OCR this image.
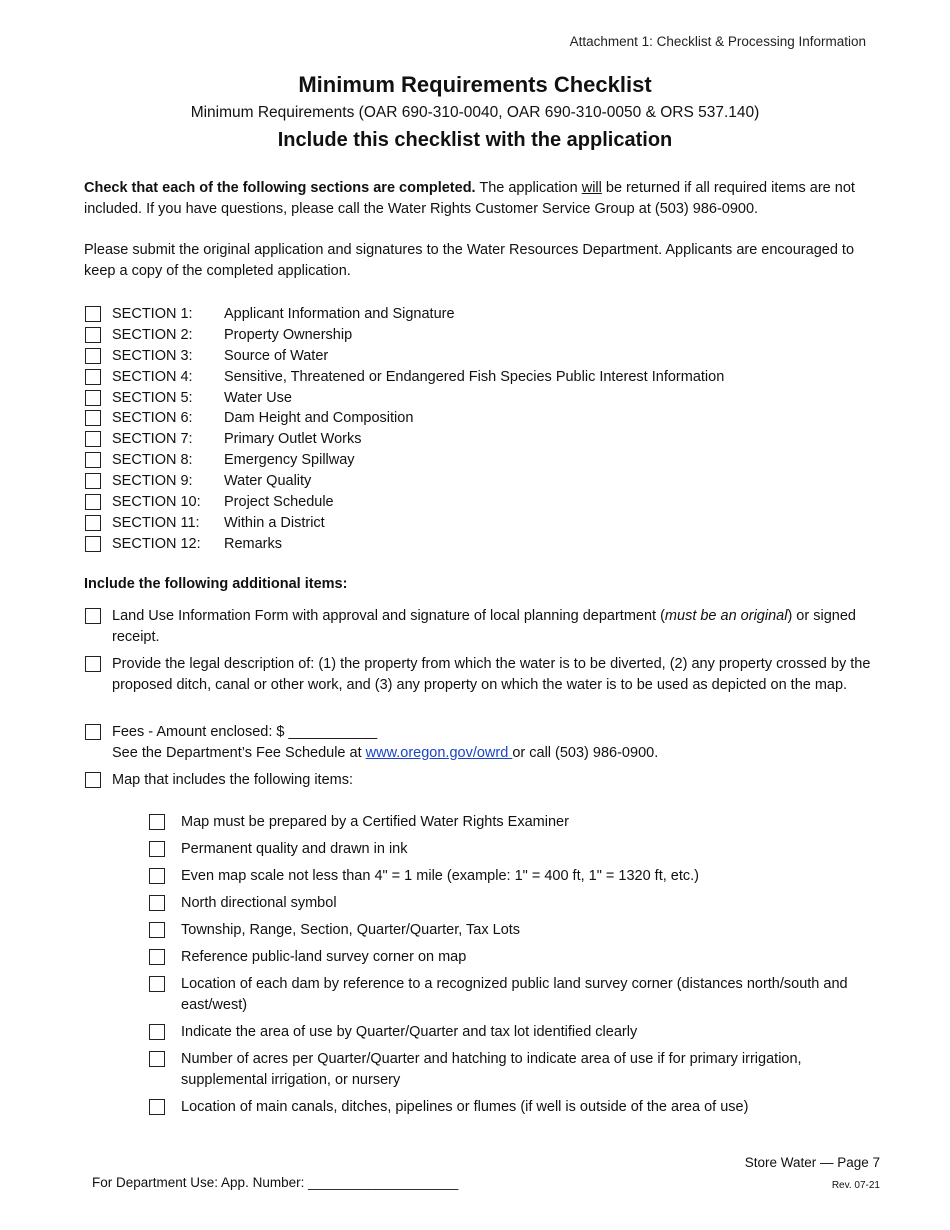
Attachment 1: Checklist & Processing Information
Minimum Requirements Checklist
Minimum Requirements (OAR 690-310-0040, OAR 690-310-0050 & ORS 537.140)
Include this checklist with the application
Check that each of the following sections are completed. The application will be returned if all required items are not included. If you have questions, please call the Water Rights Customer Service Group at (503) 986-0900.
Please submit the original application and signatures to the Water Resources Department. Applicants are encouraged to keep a copy of the completed application.
SECTION 1: Applicant Information and Signature
SECTION 2: Property Ownership
SECTION 3: Source of Water
SECTION 4: Sensitive, Threatened or Endangered Fish Species Public Interest Information
SECTION 5: Water Use
SECTION 6: Dam Height and Composition
SECTION 7: Primary Outlet Works
SECTION 8: Emergency Spillway
SECTION 9: Water Quality
SECTION 10: Project Schedule
SECTION 11: Within a District
SECTION 12: Remarks
Include the following additional items:
Land Use Information Form with approval and signature of local planning department (must be an original) or signed receipt.
Provide the legal description of: (1) the property from which the water is to be diverted, (2) any property crossed by the proposed ditch, canal or other work, and (3) any property on which the water is to be used as depicted on the map.
Fees - Amount enclosed: $ ___________
See the Department’s Fee Schedule at www.oregon.gov/owrd or call (503) 986-0900.
Map that includes the following items:
Map must be prepared by a Certified Water Rights Examiner
Permanent quality and drawn in ink
Even map scale not less than 4" = 1 mile (example: 1" = 400 ft, 1" = 1320 ft, etc.)
North directional symbol
Township, Range, Section, Quarter/Quarter, Tax Lots
Reference public-land survey corner on map
Location of each dam by reference to a recognized public land survey corner (distances north/south and east/west)
Indicate the area of use by Quarter/Quarter and tax lot identified clearly
Number of acres per Quarter/Quarter and hatching to indicate area of use if for primary irrigation, supplemental irrigation, or nursery
Location of main canals, ditches, pipelines or flumes (if well is outside of the area of use)
Store Water — Page 7
Rev. 07-21
For Department Use: App. Number: ____________________
